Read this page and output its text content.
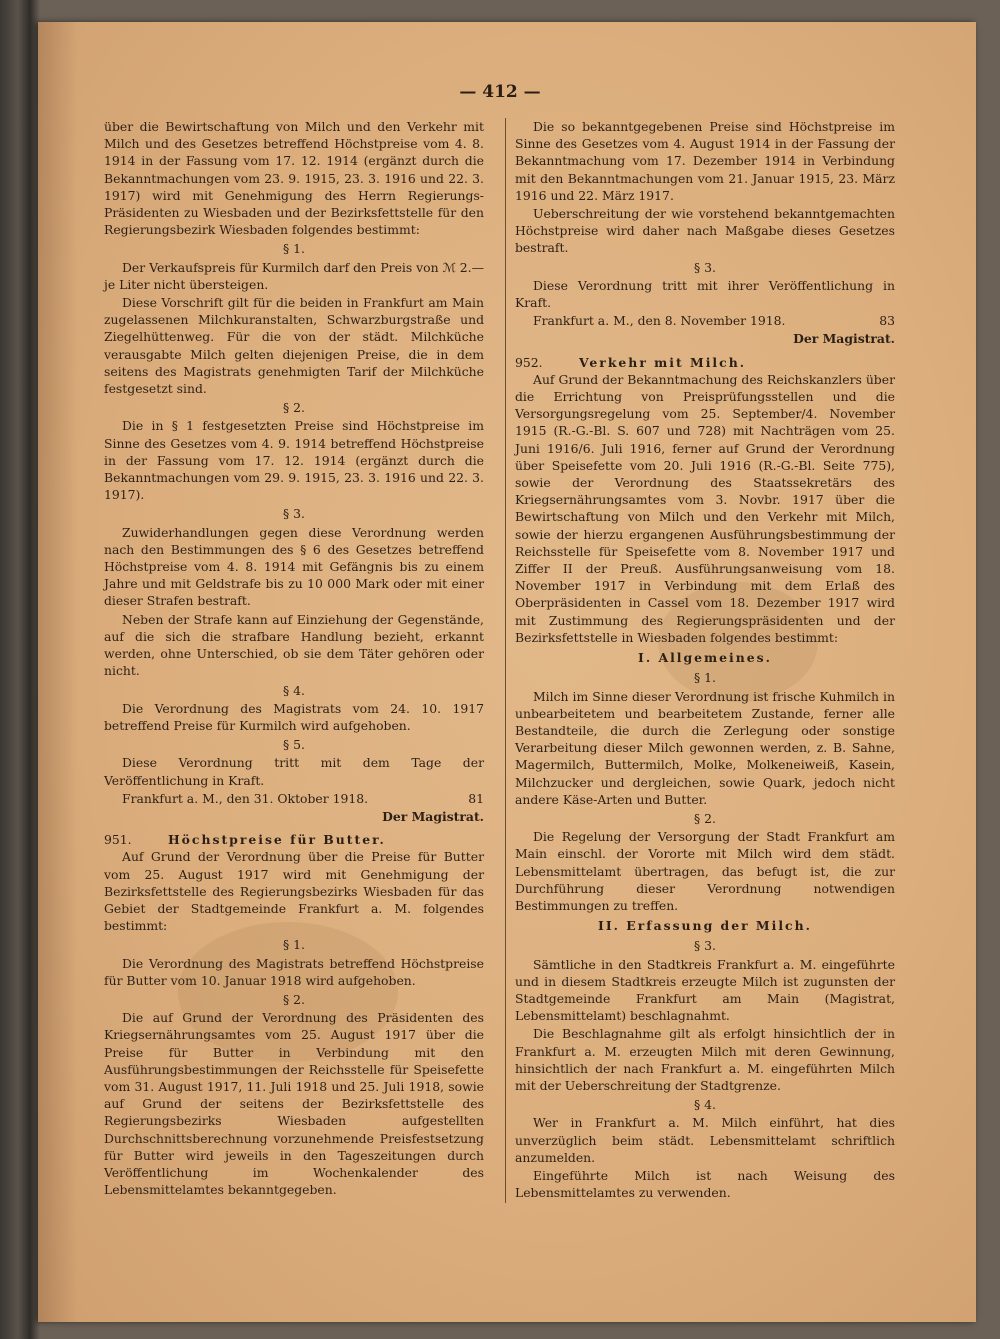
— 412 —

über die Bewirtschaftung von Milch und den Verkehr mit Milch und des Gesetzes betreffend Höchstpreise vom 4. 8. 1914 in der Fassung vom 17. 12. 1914 (ergänzt durch die Bekanntmachungen vom 23. 9. 1915, 23. 3. 1916 und 22. 3. 1917) wird mit Genehmigung des Herrn Regierungs-Präsidenten zu Wiesbaden und der Bezirksfettstelle für den Regierungsbezirk Wiesbaden folgendes bestimmt:

§ 1.

Der Verkaufspreis für Kurmilch darf den Preis von ℳ 2.— je Liter nicht übersteigen.

Diese Vorschrift gilt für die beiden in Frankfurt am Main zugelassenen Milchkuranstalten, Schwarzburgstraße und Ziegelhüttenweg. Für die von der städt. Milchküche verausgabte Milch gelten diejenigen Preise, die in dem seitens des Magistrats genehmigten Tarif der Milchküche festgesetzt sind.

§ 2.

Die in § 1 festgesetzten Preise sind Höchstpreise im Sinne des Gesetzes vom 4. 9. 1914 betreffend Höchstpreise in der Fassung vom 17. 12. 1914 (ergänzt durch die Bekanntmachungen vom 29. 9. 1915, 23. 3. 1916 und 22. 3. 1917).

§ 3.

Zuwiderhandlungen gegen diese Verordnung werden nach den Bestimmungen des § 6 des Gesetzes betreffend Höchstpreise vom 4. 8. 1914 mit Gefängnis bis zu einem Jahre und mit Geldstrafe bis zu 10 000 Mark oder mit einer dieser Strafen bestraft.

Neben der Strafe kann auf Einziehung der Gegenstände, auf die sich die strafbare Handlung bezieht, erkannt werden, ohne Unterschied, ob sie dem Täter gehören oder nicht.

§ 4.

Die Verordnung des Magistrats vom 24. 10. 1917 betreffend Preise für Kurmilch wird aufgehoben.

§ 5.

Diese Verordnung tritt mit dem Tage der Veröffentlichung in Kraft.

Frankfurt a. M., den 31. Oktober 1918.	81

Der Magistrat.
951.	Höchstpreise für Butter.

Auf Grund der Verordnung über die Preise für Butter vom 25. August 1917 wird mit Genehmigung der Bezirksfettstelle des Regierungsbezirks Wiesbaden für das Gebiet der Stadtgemeinde Frankfurt a. M. folgendes bestimmt:

§ 1.

Die Verordnung des Magistrats betreffend Höchstpreise für Butter vom 10. Januar 1918 wird aufgehoben.

§ 2.

Die auf Grund der Verordnung des Präsidenten des Kriegsernährungsamtes vom 25. August 1917 über die Preise für Butter in Verbindung mit den Ausführungsbestimmungen der Reichsstelle für Speisefette vom 31. August 1917, 11. Juli 1918 und 25. Juli 1918, sowie auf Grund der seitens der Bezirksfettstelle des Regierungsbezirks Wiesbaden aufgestellten Durchschnittsberechnung vorzunehmende Preisfestsetzung für Butter wird jeweils in den Tageszeitungen durch Veröffentlichung im Wochenkalender des Lebensmittelamtes bekanntgegeben.

Die so bekanntgegebenen Preise sind Höchstpreise im Sinne des Gesetzes vom 4. August 1914 in der Fassung der Bekanntmachung vom 17. Dezember 1914 in Verbindung mit den Bekanntmachungen vom 21. Januar 1915, 23. März 1916 und 22. März 1917.

Ueberschreitung der wie vorstehend bekanntgemachten Höchstpreise wird daher nach Maßgabe dieses Gesetzes bestraft.

§ 3.

Diese Verordnung tritt mit ihrer Veröffentlichung in Kraft.

Frankfurt a. M., den 8. November 1918.	83

Der Magistrat.
952.	Verkehr mit Milch.

Auf Grund der Bekanntmachung des Reichskanzlers über die Errichtung von Preisprüfungsstellen und die Versorgungsregelung vom 25. September/4. November 1915 (R.-G.-Bl. S. 607 und 728) mit Nachträgen vom 25. Juni 1916/6. Juli 1916, ferner auf Grund der Verordnung über Speisefette vom 20. Juli 1916 (R.-G.-Bl. Seite 775), sowie der Verordnung des Staatssekretärs des Kriegsernährungsamtes vom 3. Novbr. 1917 über die Bewirtschaftung von Milch und den Verkehr mit Milch, sowie der hierzu ergangenen Ausführungsbestimmung der Reichsstelle für Speisefette vom 8. November 1917 und Ziffer II der Preuß. Ausführungsanweisung vom 18. November 1917 in Verbindung mit dem Erlaß des Oberpräsidenten in Cassel vom 18. Dezember 1917 wird mit Zustimmung des Regierungspräsidenten und der Bezirksfettstelle in Wiesbaden folgendes bestimmt:

I. Allgemeines.
§ 1.

Milch im Sinne dieser Verordnung ist frische Kuhmilch in unbearbeitetem und bearbeitetem Zustande, ferner alle Bestandteile, die durch die Zerlegung oder sonstige Verarbeitung dieser Milch gewonnen werden, z. B. Sahne, Magermilch, Buttermilch, Molke, Molkeneiweiß, Kasein, Milchzucker und dergleichen, sowie Quark, jedoch nicht andere Käse-Arten und Butter.

§ 2.

Die Regelung der Versorgung der Stadt Frankfurt am Main einschl. der Vororte mit Milch wird dem städt. Lebensmittelamt übertragen, das befugt ist, die zur Durchführung dieser Verordnung notwendigen Bestimmungen zu treffen.

II. Erfassung der Milch.
§ 3.

Sämtliche in den Stadtkreis Frankfurt a. M. eingeführte und in diesem Stadtkreis erzeugte Milch ist zugunsten der Stadtgemeinde Frankfurt am Main (Magistrat, Lebensmittelamt) beschlagnahmt.

Die Beschlagnahme gilt als erfolgt hinsichtlich der in Frankfurt a. M. erzeugten Milch mit deren Gewinnung, hinsichtlich der nach Frankfurt a. M. eingeführten Milch mit der Ueberschreitung der Stadtgrenze.

§ 4.

Wer in Frankfurt a. M. Milch einführt, hat dies unverzüglich beim städt. Lebensmittelamt schriftlich anzumelden.

Eingeführte Milch ist nach Weisung des Lebensmittelamtes zu verwenden.
